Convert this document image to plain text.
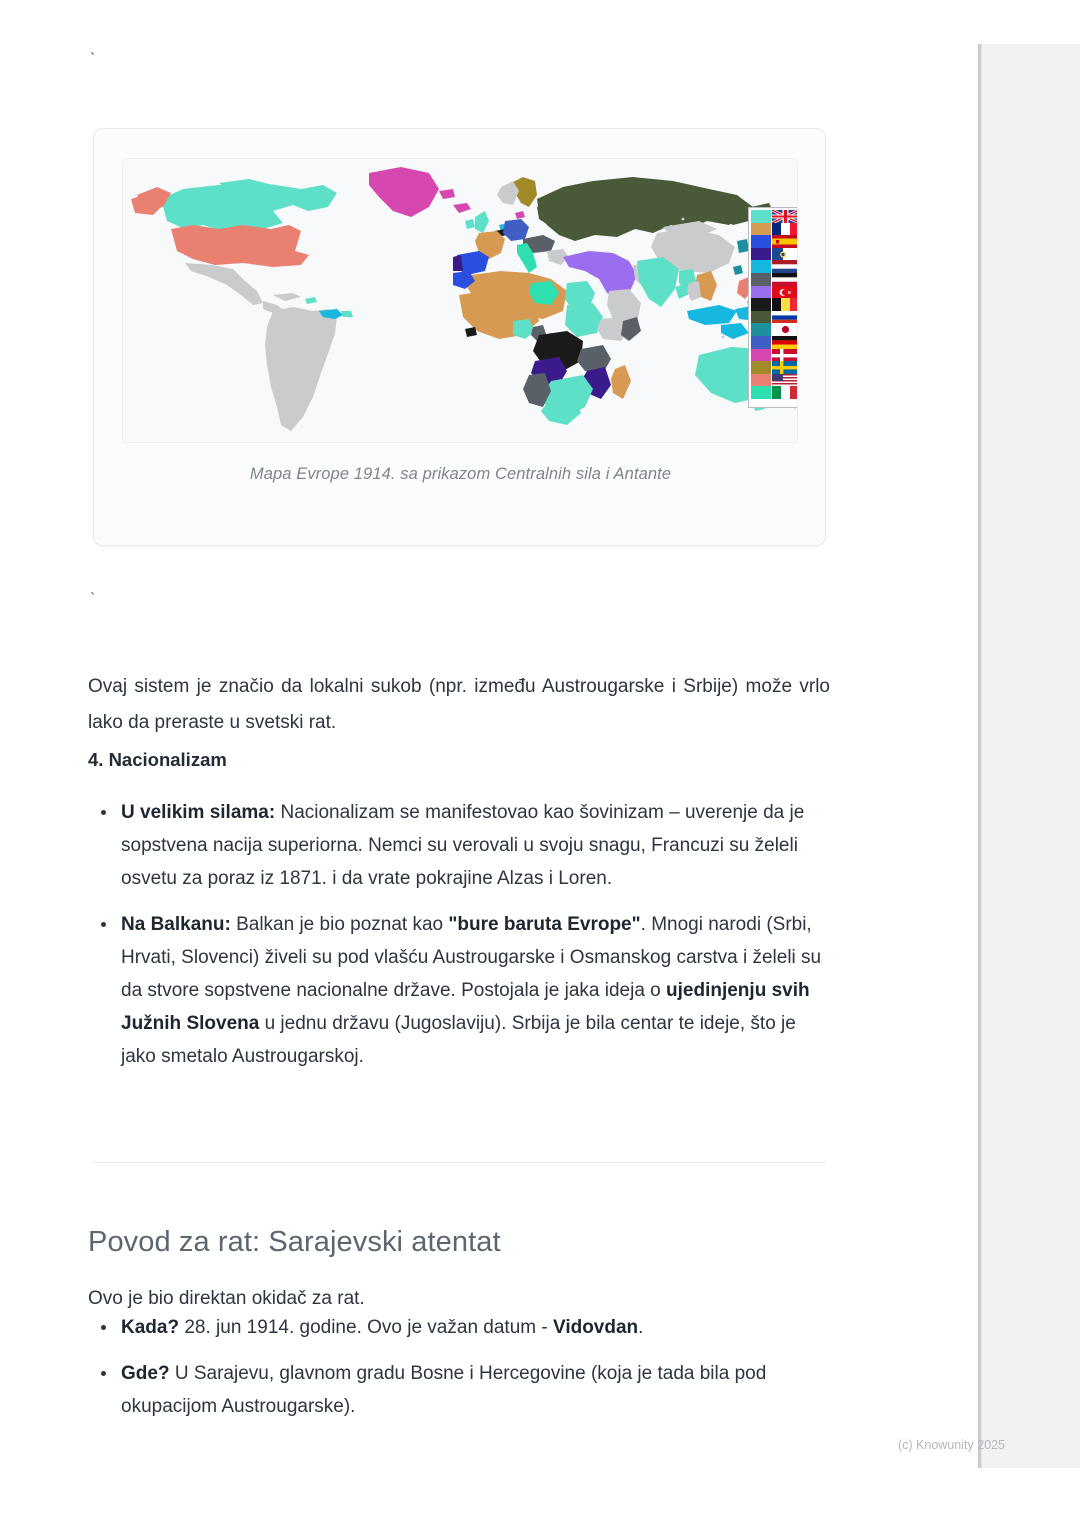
`
Mapa Evrope 1914. sa prikazom Centralnih sila i Antante
`

Ovaj sistem je značio da lokalni sukob (npr. između Austrougarske i Srbije) može vrlo lako da preraste u svetski rat.

4. Nacionalizam
U velikim silama: Nacionalizam se manifestovao kao šovinizam – uverenje da je sopstvena nacija superiorna. Nemci su verovali u svoju snagu, Francuzi su želeli osvetu za poraz iz 1871. i da vrate pokrajine Alzas i Loren.
Na Balkanu: Balkan je bio poznat kao "bure baruta Evrope". Mnogi narodi (Srbi, Hrvati, Slovenci) živeli su pod vlašću Austrougarske i Osmanskog carstva i želeli su da stvore sopstvene nacionalne države. Postojala je jaka ideja o ujedinjenju svih Južnih Slovena u jednu državu (Jugoslaviju). Srbija je bila centar te ideje, što je jako smetalo Austrougarskoj.
Povod za rat: Sarajevski atentat

Ovo je bio direktan okidač za rat.

Kada? 28. jun 1914. godine. Ovo je važan datum - Vidovdan.
Gde? U Sarajevu, glavnom gradu Bosne i Hercegovine (koja je tada bila pod okupacijom Austrougarske).
(c) Knowunity 2025
